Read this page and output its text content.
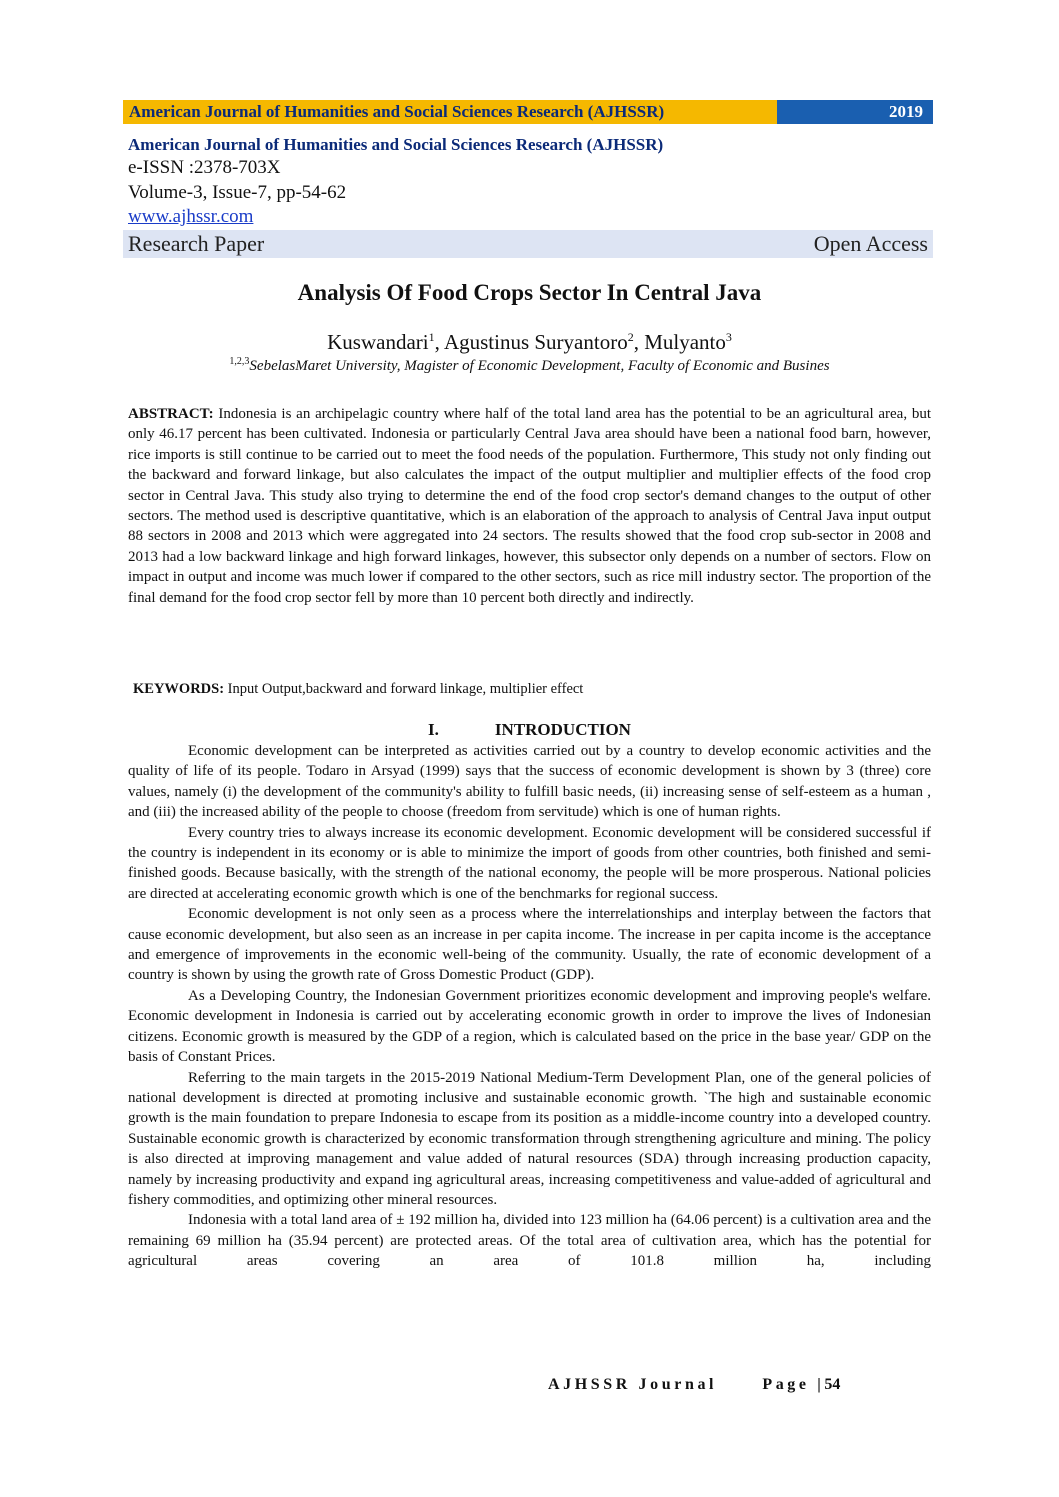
American Journal of Humanities and Social Sciences Research (AJHSSR)	2019
American Journal of Humanities and Social Sciences Research (AJHSSR)
e-ISSN :2378-703X
Volume-3, Issue-7, pp-54-62
www.ajhssr.com
Research Paper	Open Access
Analysis Of Food Crops Sector In Central Java
Kuswandari$^1$, Agustinus Suryantoro$^2$, Mulyanto$^3$
$^{1,2,3}$SebelasMaret University, Magister of Economic Development, Faculty of Economic and Busines
ABSTRACT: Indonesia is an archipelagic country where half of the total land area has the potential to be an agricultural area, but only 46.17 percent has been cultivated. Indonesia or particularly Central Java area should have been a national food barn, however, rice imports is still continue to be carried out to meet the food needs of the population. Furthermore, This study not only finding out the backward and forward linkage, but also calculates the impact of the output multiplier and multiplier effects of the food crop sector in Central Java. This study also trying to determine the end of the food crop sector's demand changes to the output of other sectors. The method used is descriptive quantitative, which is an elaboration of the approach to analysis of Central Java input output 88 sectors in 2008 and 2013 which were aggregated into 24 sectors. The results showed that the food crop sub-sector in 2008 and 2013 had a low backward linkage and high forward linkages, however, this subsector only depends on a number of sectors. Flow on impact in output and income was much lower if compared to the other sectors, such as rice mill industry sector. The proportion of the final demand for the food crop sector fell by more than 10 percent both directly and indirectly.
KEYWORDS: Input Output,backward and forward linkage, multiplier effect
I.	INTRODUCTION

Economic development can be interpreted as activities carried out by a country to develop economic activities and the quality of life of its people. Todaro in Arsyad (1999) says that the success of economic development is shown by 3 (three) core values, namely (i) the development of the community's ability to fulfill basic needs, (ii) increasing sense of self-esteem as a human , and (iii) the increased ability of the people to choose (freedom from servitude) which is one of human rights.

Every country tries to always increase its economic development. Economic development will be considered successful if the country is independent in its economy or is able to minimize the import of goods from other countries, both finished and semi-finished goods. Because basically, with the strength of the national economy, the people will be more prosperous. National policies are directed at accelerating economic growth which is one of the benchmarks for regional success.

Economic development is not only seen as a process where the interrelationships and interplay between the factors that cause economic development, but also seen as an increase in per capita income. The increase in per capita income is the acceptance and emergence of improvements in the economic well-being of the community. Usually, the rate of economic development of a country is shown by using the growth rate of Gross Domestic Product (GDP).

As a Developing Country, the Indonesian Government prioritizes economic development and improving people's welfare. Economic development in Indonesia is carried out by accelerating economic growth in order to improve the lives of Indonesian citizens. Economic growth is measured by the GDP of a region, which is calculated based on the price in the base year/ GDP on the basis of Constant Prices.

Referring to the main targets in the 2015-2019 National Medium-Term Development Plan, one of the general policies of national development is directed at promoting inclusive and sustainable economic growth. `The high and sustainable economic growth is the main foundation to prepare Indonesia to escape from its position as a middle-income country into a developed country. Sustainable economic growth is characterized by economic transformation through strengthening agriculture and mining. The policy is also directed at improving management and value added of natural resources (SDA) through increasing production capacity, namely by increasing productivity and expand ing agricultural areas, increasing competitiveness and value-added of agricultural and fishery commodities, and optimizing other mineral resources.

Indonesia with a total land area of ± 192 million ha, divided into 123 million ha (64.06 percent) is a cultivation area and the remaining 69 million ha (35.94 percent) are protected areas. Of the total area of cultivation area, which has the potential for agricultural areas covering an area of 101.8 million ha, including

AJHSSR Journal	Page |54
